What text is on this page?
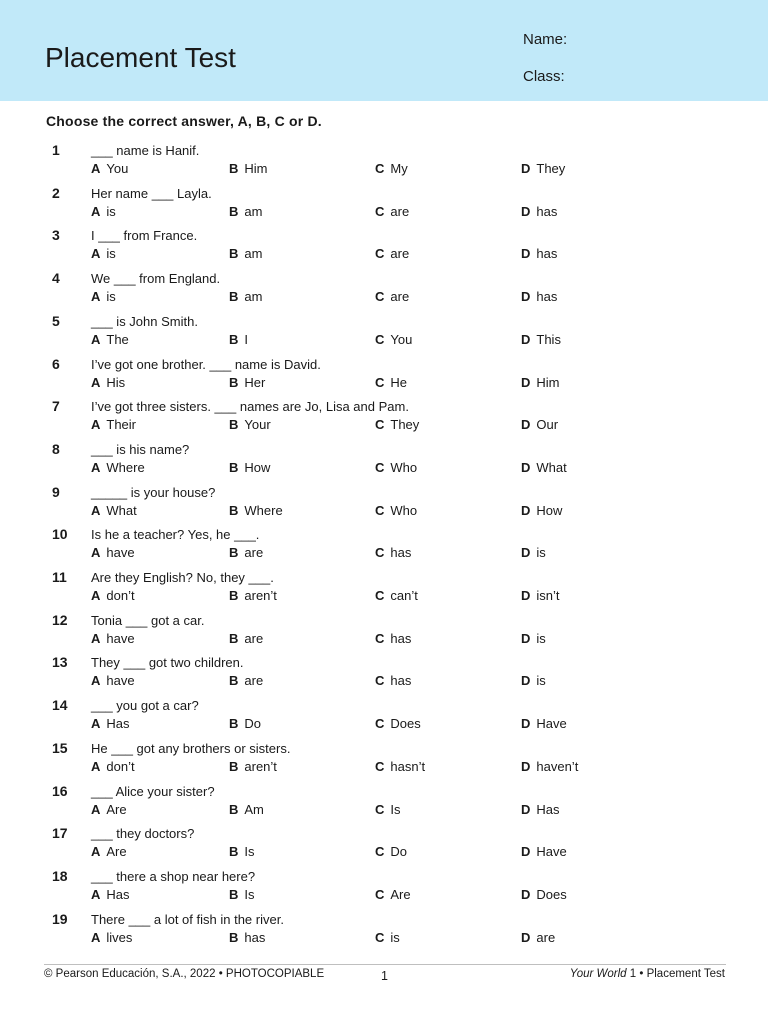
Placement Test
Name:
Class:
Choose the correct answer, A, B, C or D.
1 ___ name is Hanif.
A You	B Him	C My	D They
2 Her name ___ Layla.
A is	B am	C are	D has
3 I ___ from France.
A is	B am	C are	D has
4 We ___ from England.
A is	B am	C are	D has
5 ___ is John Smith.
A The	B I	C You	D This
6 I’ve got one brother. ___ name is David.
A His	B Her	C He	D Him
7 I’ve got three sisters. ___ names are Jo, Lisa and Pam.
A Their	B Your	C They	D Our
8 ___ is his name?
A Where	B How	C Who	D What
9 _____ is your house?
A What	B Where	C Who	D How
10 Is he a teacher? Yes, he ___.
A have	B are	C has	D is
11 Are they English? No, they ___.
A don’t	B aren’t	C can’t	D isn’t
12 Tonia ___ got a car.
A have	B are	C has	D is
13 They ___ got two children.
A have	B are	C has	D is
14 ___ you got a car?
A Has	B Do	C Does	D Have
15 He ___ got any brothers or sisters.
A don’t	B aren’t	C hasn’t	D haven’t
16 ___ Alice your sister?
A Are	B Am	C Is	D Has
17 ___ they doctors?
A Are	B Is	C Do	D Have
18 ___ there a shop near here?
A Has	B Is	C Are	D Does
19 There ___ a lot of fish in the river.
A lives	B has	C is	D are
© Pearson Educación, S.A., 2022 • PHOTOCOPIABLE	1	Your World 1 • Placement Test
